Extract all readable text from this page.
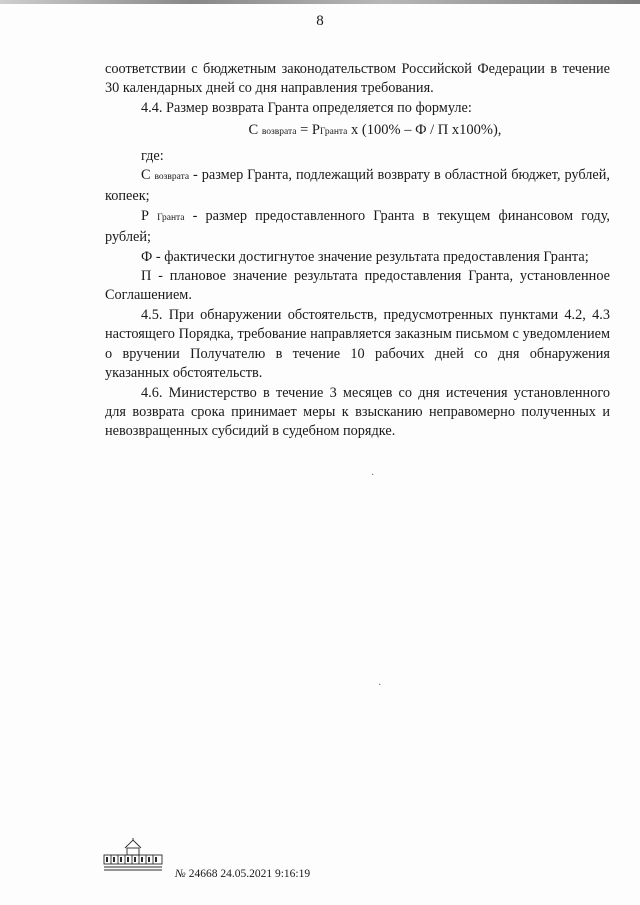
8

соответствии с бюджетным законодательством Российской Федерации в течение 30 календарных дней со дня направления требования.

4.4. Размер возврата Гранта определяется по формуле:

С возврата = РГранта х (100% – Ф / П х100%),

где:

С возврата - размер Гранта, подлежащий возврату в областной бюджет, рублей, копеек;

Р Гранта - размер предоставленного Гранта в текущем финансовом году, рублей;

Ф - фактически достигнутое значение результата предоставления Гранта;

П - плановое значение результата предоставления Гранта, установленное Соглашением.

4.5. При обнаружении обстоятельств, предусмотренных пунктами 4.2, 4.3 настоящего Порядка, требование направляется заказным письмом с уведомлением о вручении Получателю в течение 10 рабочих дней со дня обнаружения указанных обстоятельств.

4.6. Министерство в течение 3 месяцев со дня истечения установленного для возврата срока принимает меры к взысканию неправомерно полученных и невозвращенных субсидий в судебном порядке.

·
·
№ 24668 24.05.2021 9:16:19
